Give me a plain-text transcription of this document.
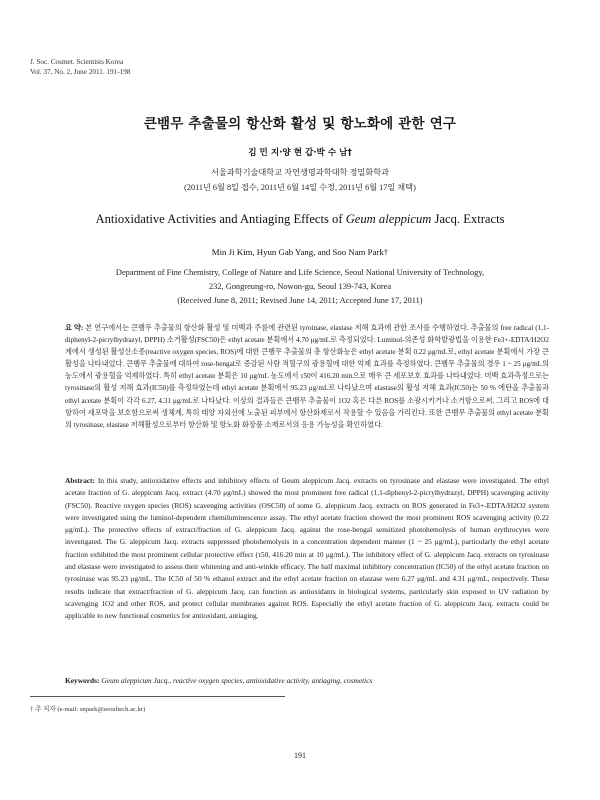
J. Soc. Cosmet. Scientists Korea
Vol. 37, No. 2, June 2011. 191-198
큰뱀무 추출물의 항산화 활성 및 항노화에 관한 연구
김 민 지·양 현 갑·박 수 남†
서울과학기술대학교 자연생명과학대학 정밀화학과
(2011년 6월 8일 접수, 2011년 6월 14일 수정, 2011년 6월 17일 채택)
Antioxidative Activities and Antiaging Effects of Geum aleppicum Jacq. Extracts
Min Ji Kim, Hyun Gab Yang, and Soo Nam Park†
Department of Fine Chemistry, College of Nature and Life Science, Seoul National University of Technology,
232, Gongreung-ro, Nowon-gu, Seoul 139-743, Korea
(Received June 8, 2011; Revised June 14, 2011; Accepted June 17, 2011)
요 약: 본 연구에서는 큰뱀무 추출물의 항산화 활성 및 미백과 주름에 관련된 tyroinase, elastase 저해 효과에 관한 조사를 수행하였다. 추출물의 free radical (1,1-diphenyl-2-picrylhydrazyl, DPPH) 소거활성(FSC50)은 ethyl acetate 분획에서 4.70 μg/mL로 측정되었다. Luminol-의존성 화학발광법을 이용한 Fe3+-EDTA/H2O2 계에서 생성된 활성산소종(reactive oxygen species, ROS)에 대한 큰뱀무 추출물의 총 항산화능은 ethyl acetate 분획 0.22 μg/mL로, ethyl acetate 분획에서 가장 큰 활성을 나타내었다. 큰뱀무 추출물에 대하여 rose-bengal로 증감된 사람 적혈구의 광용혈에 대한 억제 효과를 측정하였다. 큰뱀무 추출물의 경우 1 ~ 25 μg/mL의 농도에서 광용혈을 억제하였다. 특히 ethyl acetate 분획은 10 μg/mL 농도에서 τ50이 416.20 min으로 매우 큰 세포보호 효과를 나타내었다. 미백 효과측정으로는 tyrosinase의 활성 저해 효과(IC50)를 측정하였는데 ethyl acetate 분획에서 95.23 μg/mL로 나타났으며 elastase의 활성 저해 효과(IC50)는 50 % 에탄올 추출물과 ethyl acetate 분획이 각각 6.27, 4.31 μg/mL로 나타났다. 이상의 결과들은 큰뱀무 추출물이 1O2 혹은 다른 ROS를 소광시키거나 소거함으로써, 그리고 ROS에 대항하여 세포막을 보호함으로써 생체계, 특히 태양 자외선에 노출된 피부에서 항산화제로서 작용할 수 있음을 가리킨다. 또한 큰뱀무 추출물의 ethyl acetate 분획의 tyrosinase, elastase 저해활성으로부터 항산화 및 항노화 화장품 소재로서의 응용 가능성을 확인하였다.
Abstract: In this study, antioxidative effects and inhibitory effects of Geum aleppicum Jacq. extracts on tyrosinase and elastase were investigated. The ethyl acetate fraction of G. aleppicum Jacq. extract (4.70 μg/mL) showed the most prominent free radical (1,1-diphenyl-2-picrylhydrazyl, DPPH) scavenging activity (FSC50). Reactive oxygen species (ROS) scavenging activities (OSC50) of some G. aleppicum Jacq. extracts on ROS generated in Fe3+-EDTA/H2O2 system were investigated using the luminol-dependent chemiluminescence assay. The ethyl acetate fraction showed the most prominent ROS scavenging activity (0.22 μg/mL). The protective effects of extract/fraction of G. aleppicum Jacq. against the rose-bengal sensitized photohemolysis of human erythrocytes were investigated. The G. aleppicum Jacq. extracts suppressed photohemolysis in a concentration dependent manner (1 ~ 25 μg/mL), particularly the ethyl acetate fraction exhibited the most prominent cellular protective effect (τ50, 416.20 min at 10 μg/mL). The inhibitory effect of G. aleppicum Jacq. extracts on tyrosinase and elastase were investigated to assess their whitening and anti-winkle efficacy. The half maximal inhibitory concentration (IC50) of the ethyl acetate fraction on tyrosinase was 95.23 μg/mL. The IC50 of 50 % ethanol extract and the ethyl acetate fraction on elastase were 6.27 μg/mL and 4.31 μg/mL, respectively. These results indicate that extract/fraction of G. aleppicum Jacq. can function as antioxidants in biological systems, particularly skin exposed to UV radiation by scavenging 1O2 and other ROS, and protect cellular membranes against ROS. Especially the ethyl acetate fraction of G. aleppicum Jacq. extracts could be applicable to new functional cosmetics for antioxidant, antiaging.
Keywords: Geum aleppicum Jacq., reactive oxygen species, antioxidative activity, antiaging, cosmetics
† 주 저자 (e-mail: snpark@seoultech.ac.kr)
191
